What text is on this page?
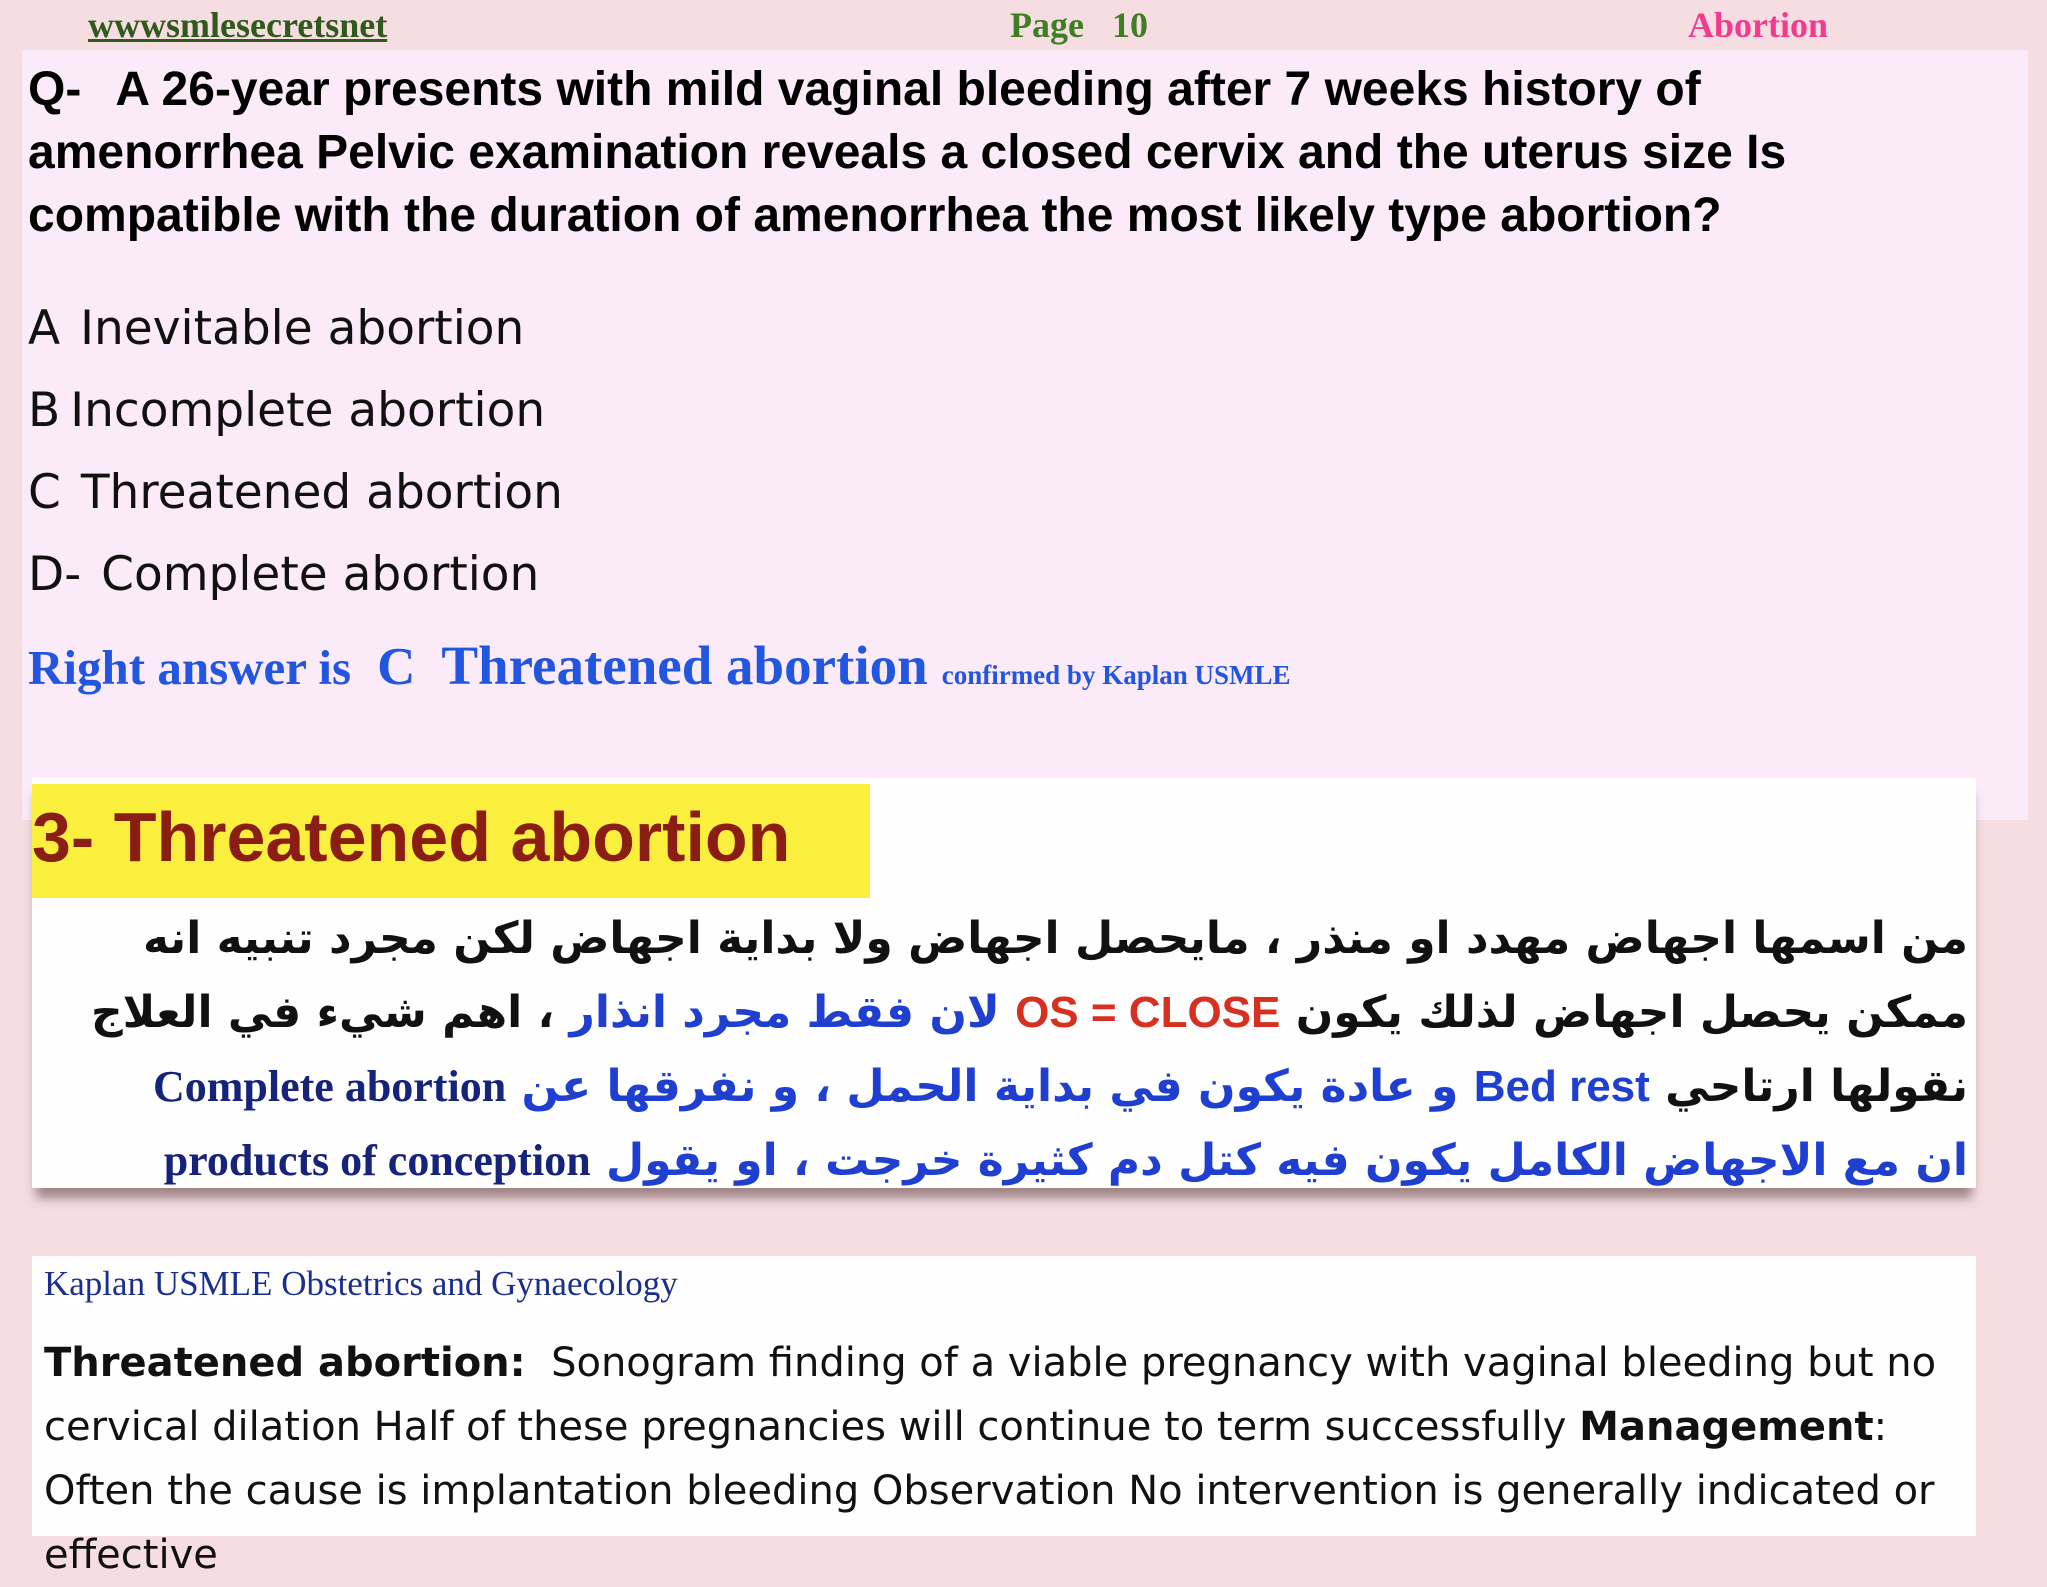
wwwsmlesecretsnet	Page 10	Abortion
Q- A 26-year presents with mild vaginal bleeding after 7 weeks history of amenorrhea Pelvic examination reveals a closed cervix and the uterus size Is compatible with the duration of amenorrhea the most likely type abortion?
A Inevitable abortion
B Incomplete abortion
C Threatened abortion
D- Complete abortion
Right answer is C Threatened abortion confirmed by Kaplan USMLE
3- Threatened abortion
من اسمها اجهاض مهدد او منذر ، مايحصل اجهاض ولا بداية اجهاض لكن مجرد تنبيه انه ممكن يحصل اجهاض لذلك يكون OS = CLOSE لان فقط مجرد انذار ، اهم شيء في العلاج نقولها ارتاحي Bed rest و عادة يكون في بداية الحمل ، و نفرقها عن Complete abortion ان مع الاجهاض الكامل يكون فيه كتل دم كثيرة خرجت ، او يقول products of conception
Kaplan USMLE Obstetrics and Gynaecology
Threatened abortion: Sonogram finding of a viable pregnancy with vaginal bleeding but no cervical dilation Half of these pregnancies will continue to term successfully Management: Often the cause is implantation bleeding Observation No intervention is generally indicated or effective
